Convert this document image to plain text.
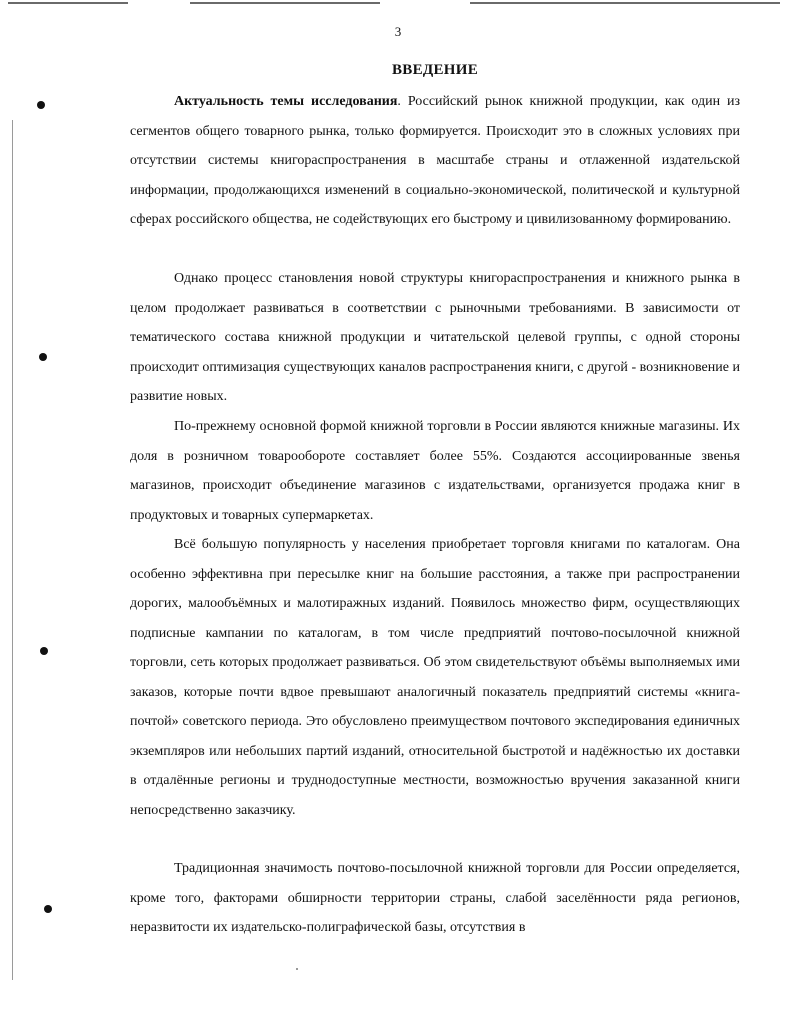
3
ВВЕДЕНИЕ

Актуальность темы исследования. Российский рынок книжной продукции, как один из сегментов общего товарного рынка, только формируется. Происходит это в сложных условиях при отсутствии системы книгораспространения в масштабе страны и отлаженной издательской информации, продолжающихся изменений в социально-экономической, политической и культурной сферах российского общества, не содействующих его быстрому и цивилизованному формированию.

Однако процесс становления новой структуры книгораспространения и книжного рынка в целом продолжает развиваться в соответствии с рыночными требованиями. В зависимости от тематического состава книжной продукции и читательской целевой группы, с одной стороны происходит оптимизация существующих каналов распространения книги, с другой - возникновение и развитие новых.

По-прежнему основной формой книжной торговли в России являются книжные магазины. Их доля в розничном товарообороте составляет более 55%. Создаются ассоциированные звенья магазинов, происходит объединение магазинов с издательствами, организуется продажа книг в продуктовых и товарных супермаркетах.

Всё большую популярность у населения приобретает торговля книгами по каталогам. Она особенно эффективна при пересылке книг на большие расстояния, а также при распространении дорогих, малообъёмных и малотиражных изданий. Появилось множество фирм, осуществляющих подписные кампании по каталогам, в том числе предприятий почтово-посылочной книжной торговли, сеть которых продолжает развиваться. Об этом свидетельствуют объёмы выполняемых ими заказов, которые почти вдвое превышают аналогичный показатель предприятий системы «книга-почтой» советского периода. Это обусловлено преимуществом почтового экспедирования единичных экземпляров или небольших партий изданий, относительной быстротой и надёжностью их доставки в отдалённые регионы и труднодоступные местности, возможностью вручения заказанной книги непосредственно заказчику.

Традиционная значимость почтово-посылочной книжной торговли для России определяется, кроме того, факторами обширности территории страны, слабой заселённости ряда регионов, неразвитости их издательско-полиграфической базы, отсутствия в
